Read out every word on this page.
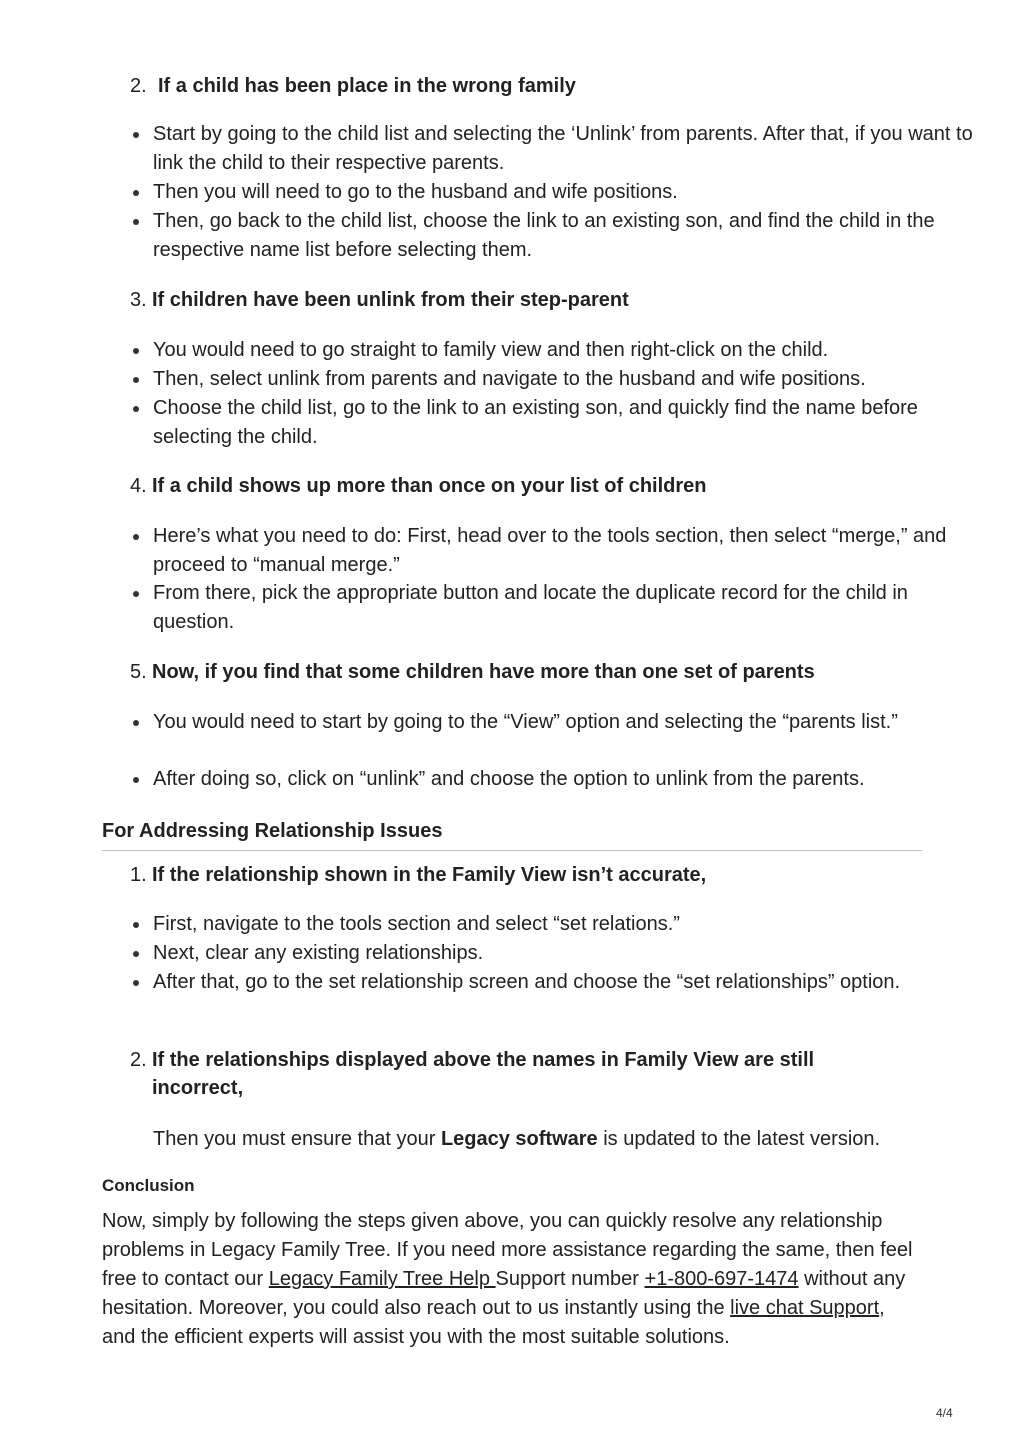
2. If a child has been place in the wrong family
Start by going to the child list and selecting the ‘Unlink’ from parents. After that, if you want to link the child to their respective parents.
Then you will need to go to the husband and wife positions.
Then, go back to the child list, choose the link to an existing son, and find the child in the respective name list before selecting them.
3. If children have been unlink from their step-parent
You would need to go straight to family view and then right-click on the child.
Then, select unlink from parents and navigate to the husband and wife positions.
Choose the child list, go to the link to an existing son, and quickly find the name before selecting the child.
4. If a child shows up more than once on your list of children
Here’s what you need to do: First, head over to the tools section, then select “merge,” and proceed to “manual merge.”
From there, pick the appropriate button and locate the duplicate record for the child in question.
5. Now, if you find that some children have more than one set of parents
You would need to start by going to the “View” option and selecting the “parents list.”
After doing so, click on “unlink” and choose the option to unlink from the parents.
For Addressing Relationship Issues
1. If the relationship shown in the Family View isn’t accurate,
First, navigate to the tools section and select “set relations.”
Next, clear any existing relationships.
After that, go to the set relationship screen and choose the “set relationships” option.
2. If the relationships displayed above the names in Family View are still incorrect,
Then you must ensure that your Legacy software is updated to the latest version.
Conclusion
Now, simply by following the steps given above, you can quickly resolve any relationship problems in Legacy Family Tree. If you need more assistance regarding the same, then feel free to contact our Legacy Family Tree Help Support number +1-800-697-1474 without any hesitation. Moreover, you could also reach out to us instantly using the live chat Support, and the efficient experts will assist you with the most suitable solutions.
4/4
